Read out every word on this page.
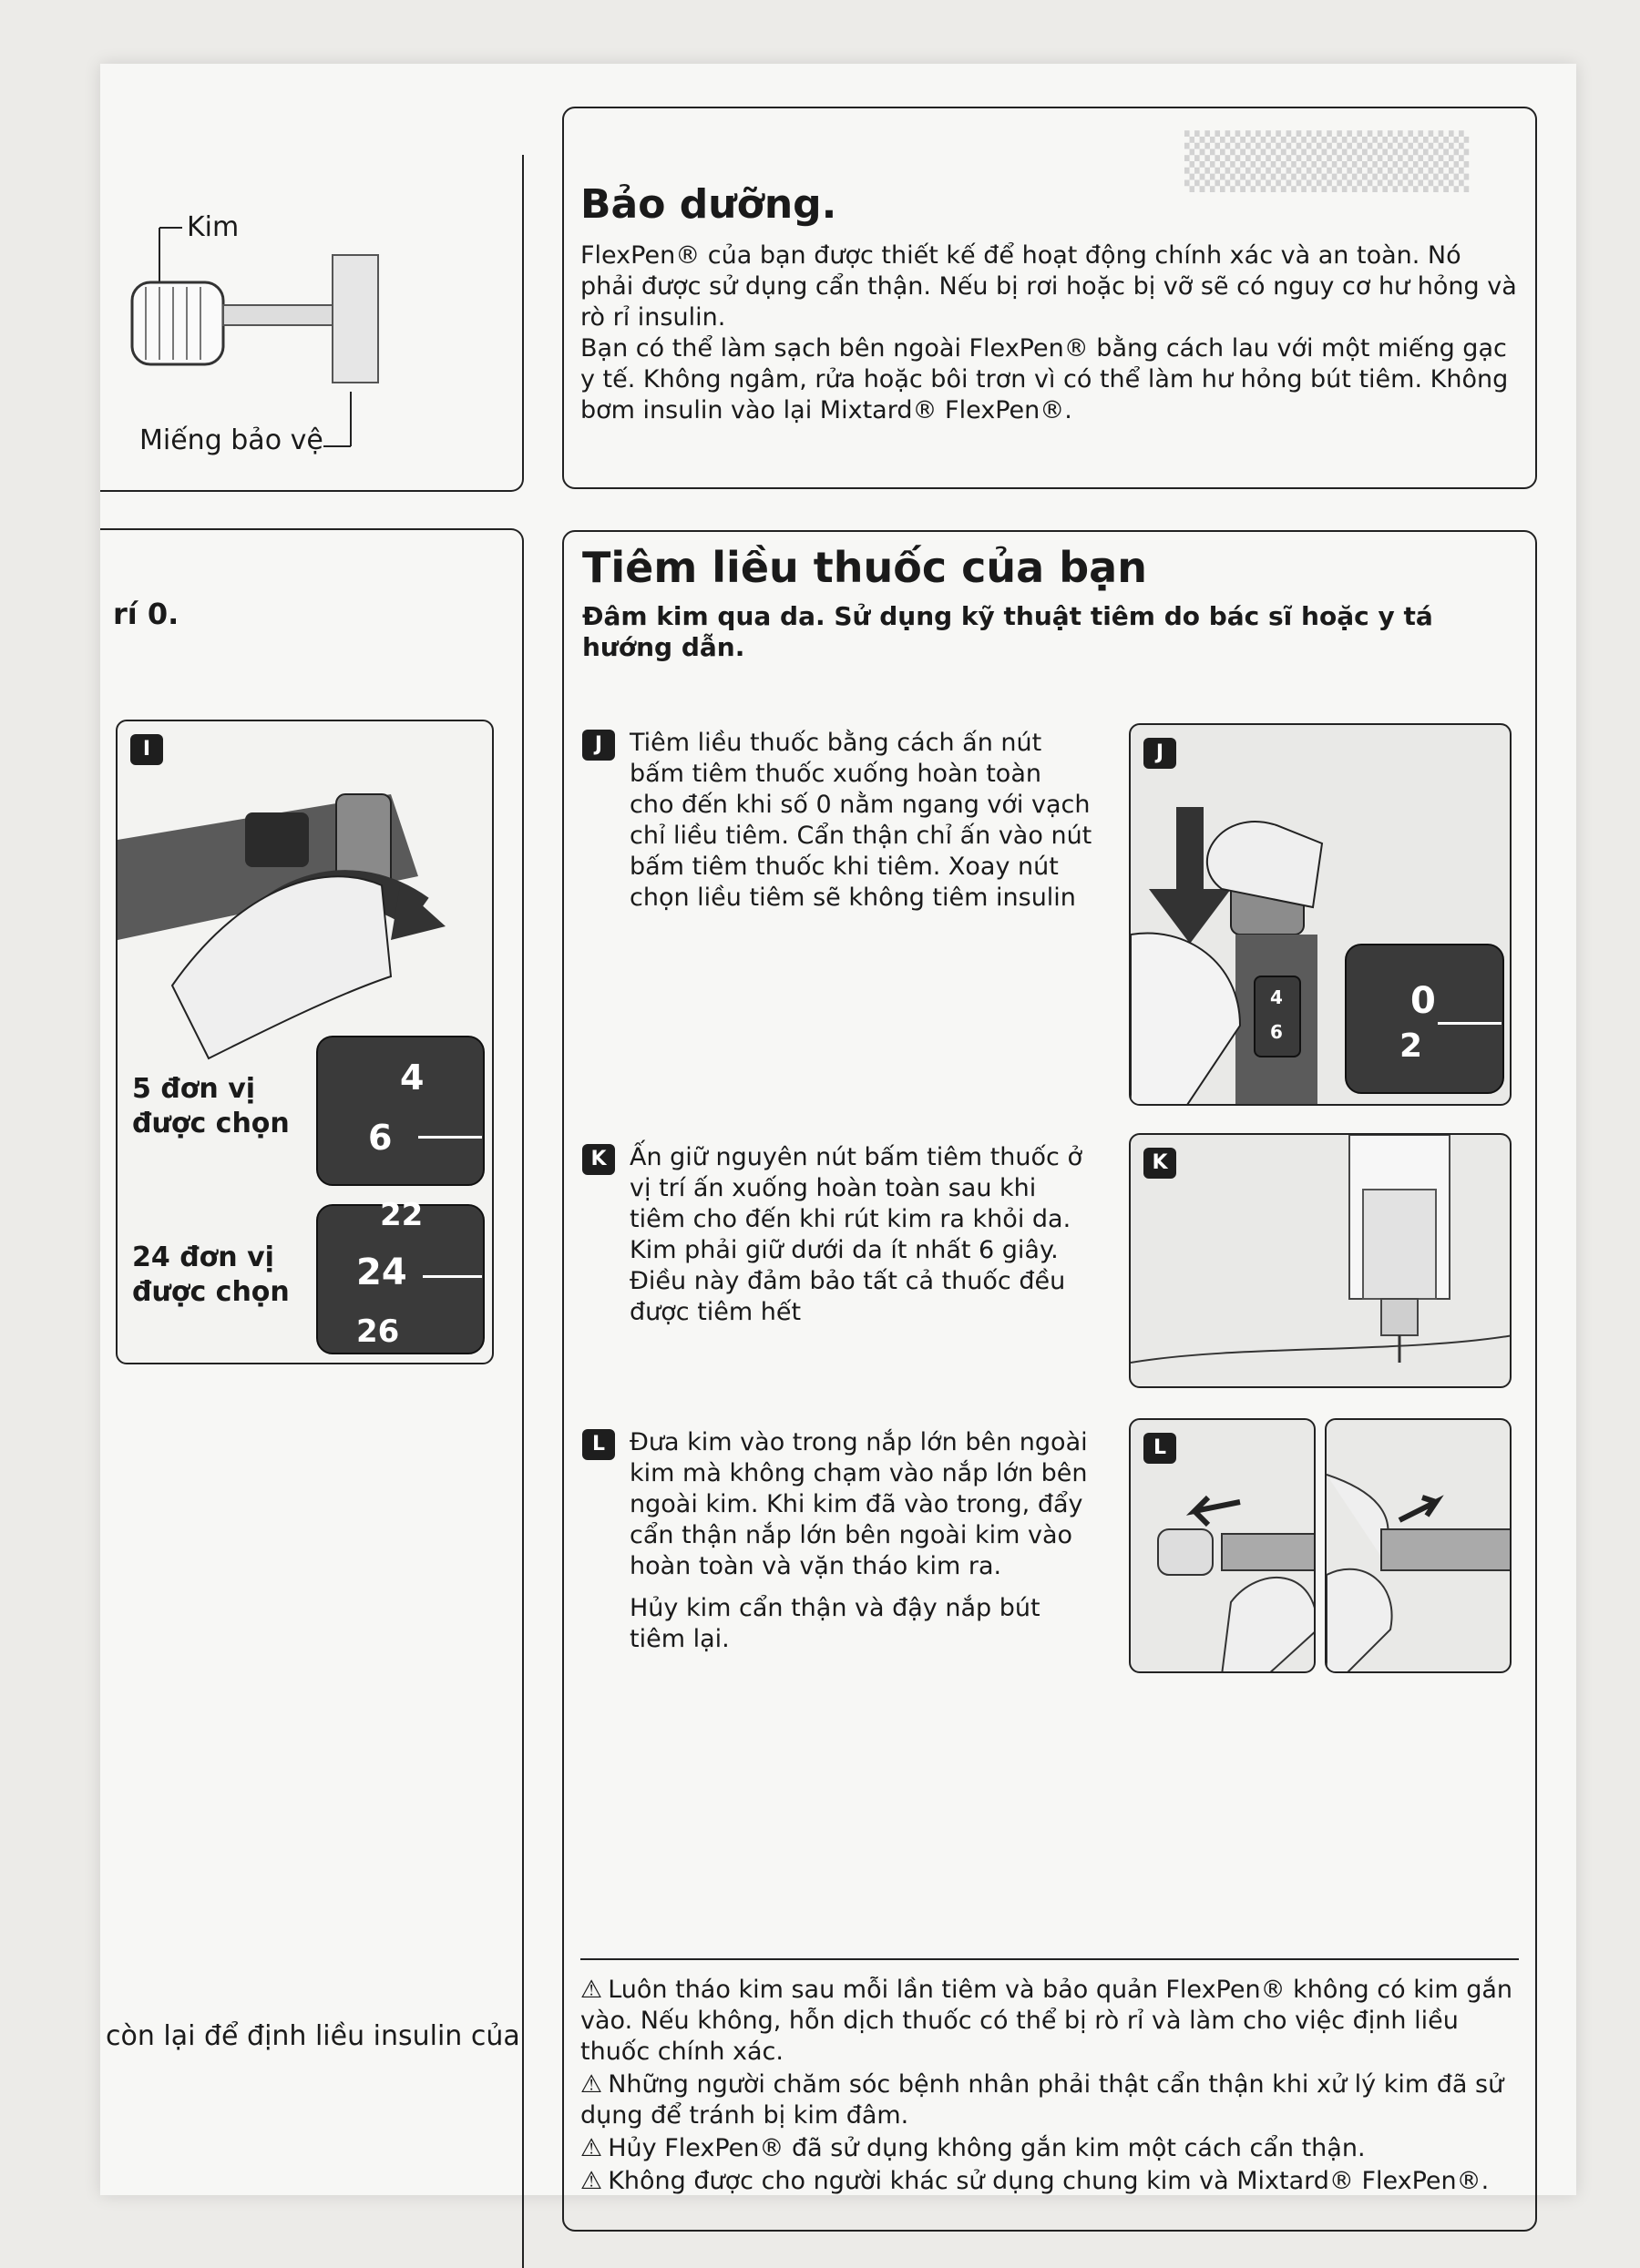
▒▒▒▒▒▒▒
Kim
Miếng bảo vệ
rí 0.
I
5 đơn vị được chọn
4
6
24 đơn vị được chọn
22
24
26
còn lại để định liều insulin của
Bảo dưỡng.

FlexPen® của bạn được thiết kế để hoạt động chính xác và an toàn. Nó phải được sử dụng cẩn thận. Nếu bị rơi hoặc bị vỡ sẽ có nguy cơ hư hỏng và rò rỉ insulin.

Bạn có thể làm sạch bên ngoài FlexPen® bằng cách lau với một miếng gạc y tế. Không ngâm, rửa hoặc bôi trơn vì có thể làm hư hỏng bút tiêm. Không bơm insulin vào lại Mixtard® FlexPen®.

Tiêm liều thuốc của bạn

Đâm kim qua da. Sử dụng kỹ thuật tiêm do bác sĩ hoặc y tá hướng dẫn.

J	Tiêm liều thuốc bằng cách ấn nút bấm tiêm thuốc xuống hoàn toàn cho đến khi số 0 nằm ngang với vạch chỉ liều tiêm. Cẩn thận chỉ ấn vào nút bấm tiêm thuốc khi tiêm. Xoay nút chọn liều tiêm sẽ không tiêm insulin

J
4
6
0
2
K Ấn giữ nguyên nút bấm tiêm thuốc ở vị trí ấn xuống hoàn toàn sau khi tiêm cho đến khi rút kim ra khỏi da. Kim phải giữ dưới da ít nhất 6 giây. Điều này đảm bảo tất cả thuốc đều được tiêm hết

K
L Đưa kim vào trong nắp lớn bên ngoài kim mà không chạm vào nắp lớn bên ngoài kim. Khi kim đã vào trong, đẩy cẩn thận nắp lớn bên ngoài kim vào hoàn toàn và vặn tháo kim ra.

Hủy kim cẩn thận và đậy nắp bút tiêm lại.

L

⚠ Luôn tháo kim sau mỗi lần tiêm và bảo quản FlexPen® không có kim gắn vào. Nếu không, hỗn dịch thuốc có thể bị rò rỉ và làm cho việc định liều thuốc chính xác.

⚠ Những người chăm sóc bệnh nhân phải thật cẩn thận khi xử lý kim đã sử dụng để tránh bị kim đâm.

⚠ Hủy FlexPen® đã sử dụng không gắn kim một cách cẩn thận.

⚠ Không được cho người khác sử dụng chung kim và Mixtard® FlexPen®.
